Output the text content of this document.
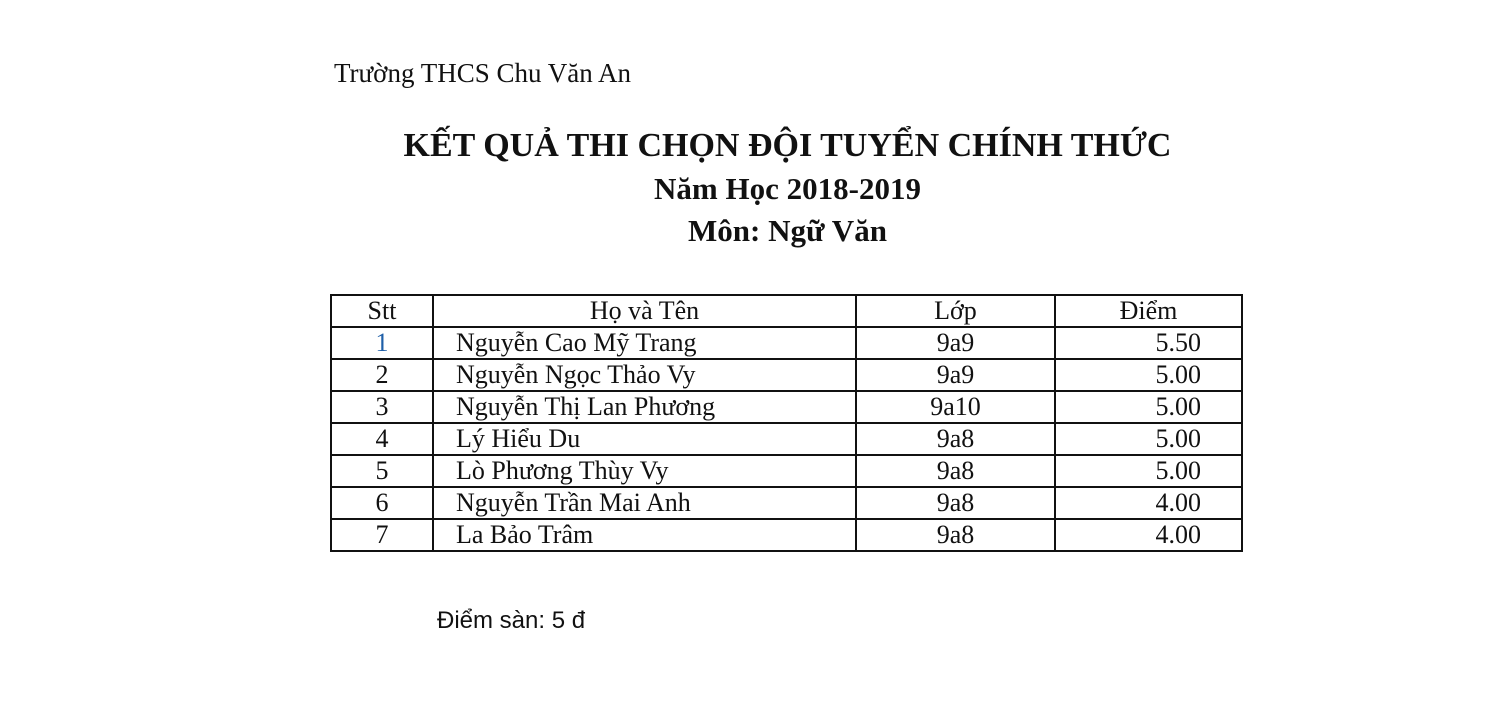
Trường THCS Chu Văn An
KẾT QUẢ THI CHỌN ĐỘI TUYỂN CHÍNH THỨC
Năm Học 2018-2019
Môn: Ngữ Văn
Stt	Họ và Tên	Lớp	Điểm
1	Nguyễn Cao Mỹ Trang	9a9	5.50
2	Nguyễn Ngọc Thảo Vy	9a9	5.00
3	Nguyễn Thị Lan Phương	9a10	5.00
4	Lý Hiểu Du	9a8	5.00
5	Lò Phương Thùy Vy	9a8	5.00
6	Nguyễn Trần Mai Anh	9a8	4.00
7	La Bảo Trâm	9a8	4.00
Điểm sàn: 5 đ
